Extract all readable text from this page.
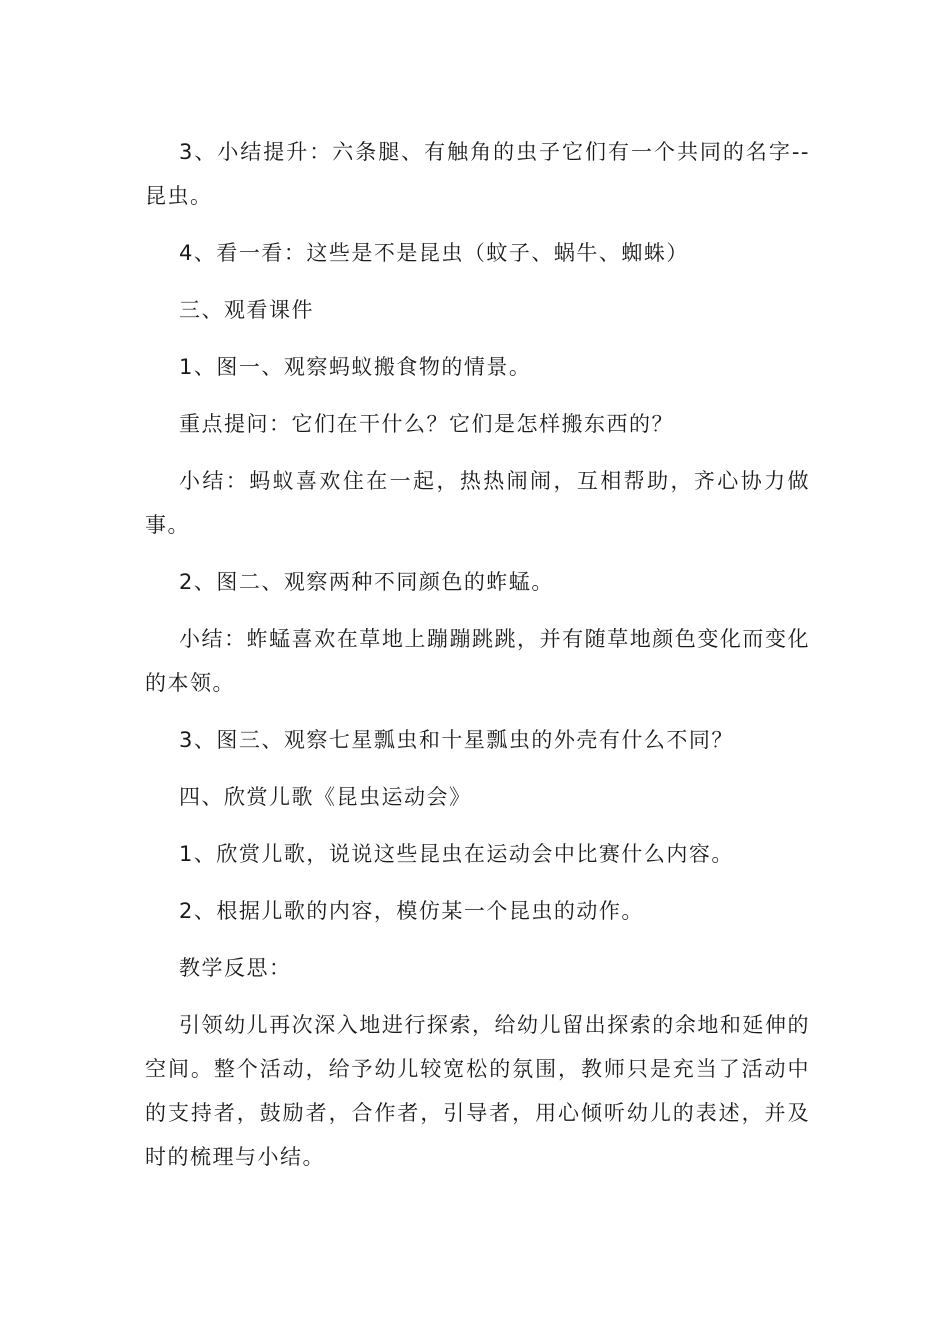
3、小结提升：六条腿、有触角的虫子它们有一个共同的名字--昆虫。

4、看一看：这些是不是昆虫（蚊子、蜗牛、蜘蛛）

三、观看课件

1、图一、观察蚂蚁搬食物的情景。

重点提问：它们在干什么？它们是怎样搬东西的？

小结：蚂蚁喜欢住在一起，热热闹闹，互相帮助，齐心协力做事。

2、图二、观察两种不同颜色的蚱蜢。

小结：蚱蜢喜欢在草地上蹦蹦跳跳，并有随草地颜色变化而变化的本领。

3、图三、观察七星瓢虫和十星瓢虫的外壳有什么不同？

四、欣赏儿歌《昆虫运动会》

1、欣赏儿歌，说说这些昆虫在运动会中比赛什么内容。

2、根据儿歌的内容，模仿某一个昆虫的动作。

教学反思：

引领幼儿再次深入地进行探索，给幼儿留出探索的余地和延伸的空间。整个活动，给予幼儿较宽松的氛围，教师只是充当了活动中的支持者，鼓励者，合作者，引导者，用心倾听幼儿的表述，并及时的梳理与小结。
